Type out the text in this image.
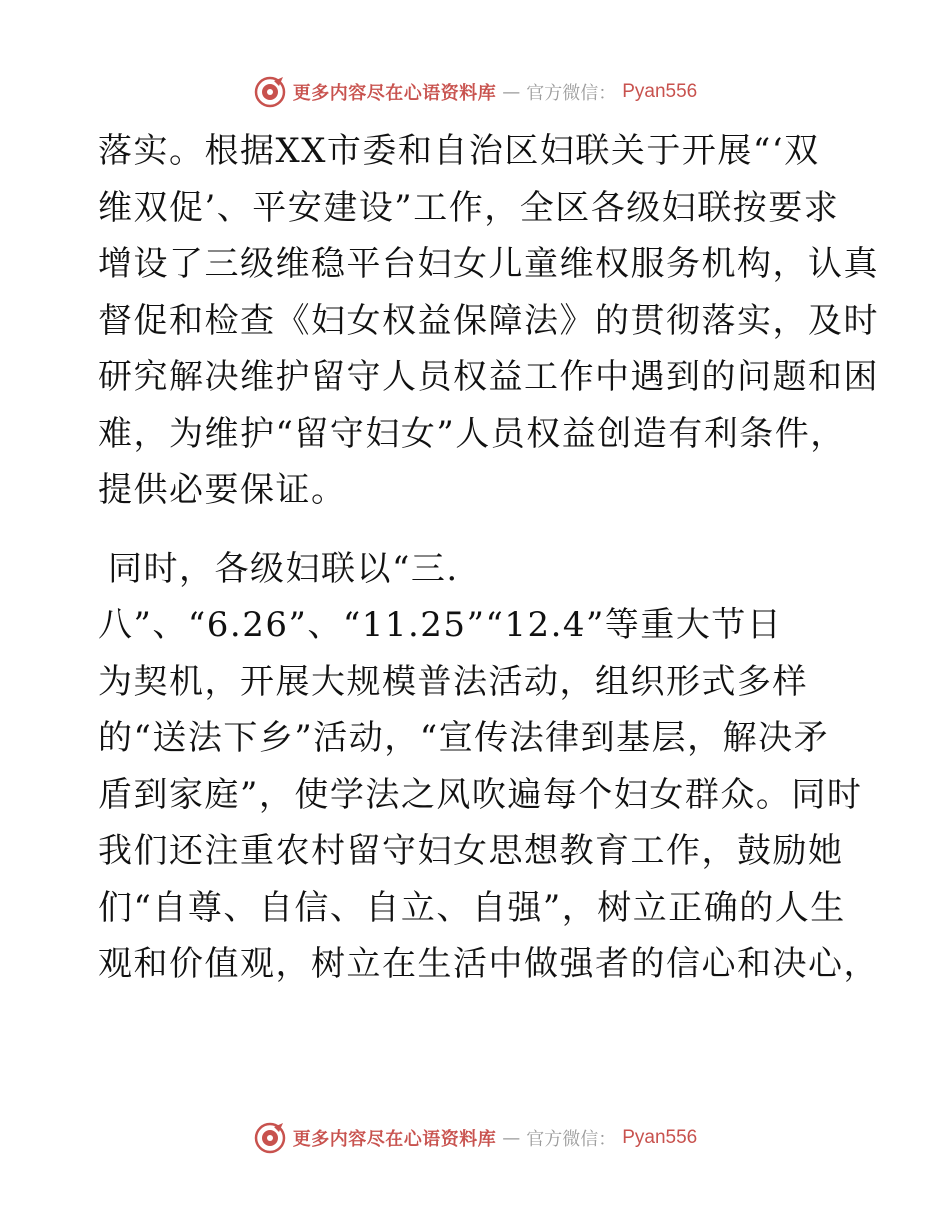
更多内容尽在心语资料库 — 官方微信： Pyan556
落实。根据XX市委和自治区妇联关于开展“‘双
维双促’、平安建设”工作，全区各级妇联按要求
增设了三级维稳平台妇女儿童维权服务机构，认真
督促和检查《妇女权益保障法》的贯彻落实，及时
研究解决维护留守人员权益工作中遇到的问题和困
难，为维护“留守妇女”人员权益创造有利条件，
提供必要保证。
同时，各级妇联以“三.
八”、“6.26”、“11.25”“12.4”等重大节日
为契机，开展大规模普法活动，组织形式多样
的“送法下乡”活动，“宣传法律到基层，解决矛
盾到家庭”，使学法之风吹遍每个妇女群众。同时
我们还注重农村留守妇女思想教育工作，鼓励她
们“自尊、自信、自立、自强”，树立正确的人生
观和价值观，树立在生活中做强者的信心和决心，
更多内容尽在心语资料库 — 官方微信： Pyan556
